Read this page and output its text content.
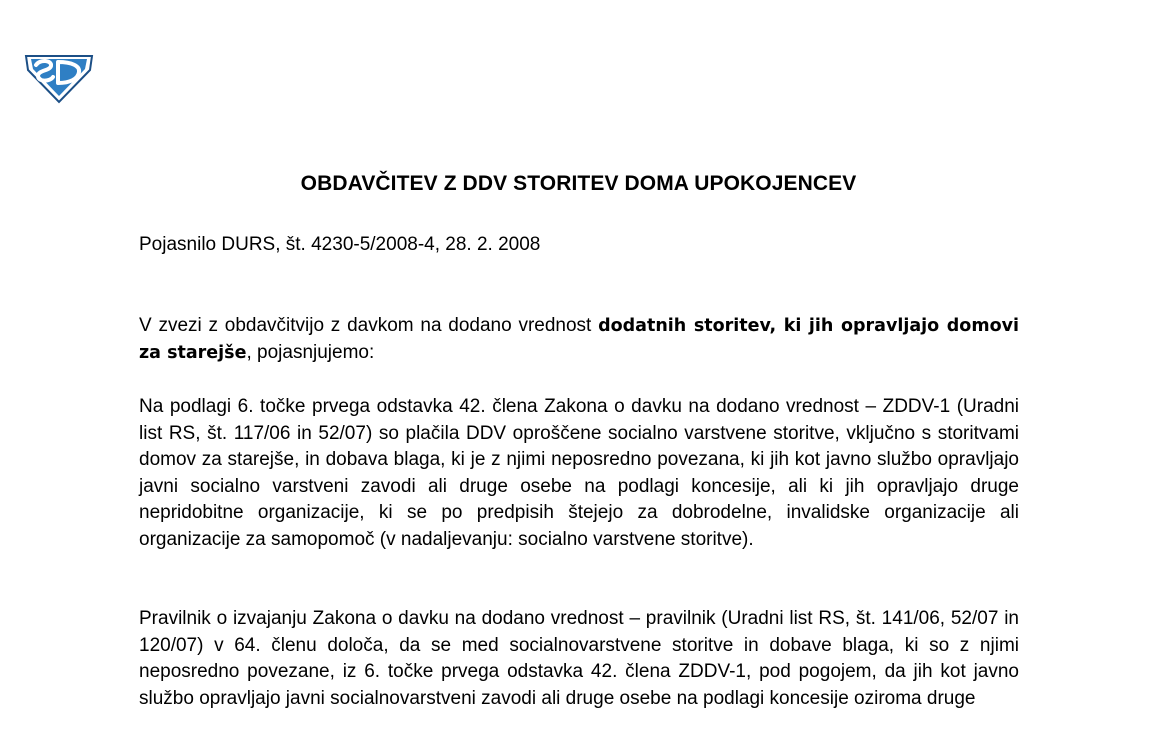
OBDAVČITEV Z DDV STORITEV DOMA UPOKOJENCEV
Pojasnilo DURS, št. 4230-5/2008-4, 28. 2. 2008

V zvezi z obdavčitvijo z davkom na dodano vrednost dodatnih storitev, ki jih opravljajo domovi za starejše, pojasnjujemo:

Na podlagi 6. točke prvega odstavka 42. člena Zakona o davku na dodano vrednost – ZDDV-1 (Uradni list RS, št. 117/06 in 52/07) so plačila DDV oproščene socialno varstvene storitve, vključno s storitvami domov za starejše, in dobava blaga, ki je z njimi neposredno povezana, ki jih kot javno službo opravljajo javni socialno varstveni zavodi ali druge osebe na podlagi koncesije, ali ki jih opravljajo druge nepridobitne organizacije, ki se po predpisih štejejo za dobrodelne, invalidske organizacije ali organizacije za samopomoč (v nadaljevanju: socialno varstvene storitve).

Pravilnik o izvajanju Zakona o davku na dodano vrednost – pravilnik (Uradni list RS, št. 141/06, 52/07 in 120/07) v 64. členu določa, da se med socialnovarstvene storitve in dobave blaga, ki so z njimi neposredno povezane, iz 6. točke prvega odstavka 42. člena ZDDV-1, pod pogojem, da jih kot javno službo opravljajo javni socialnovarstveni zavodi ali druge osebe na podlagi koncesije oziroma druge
